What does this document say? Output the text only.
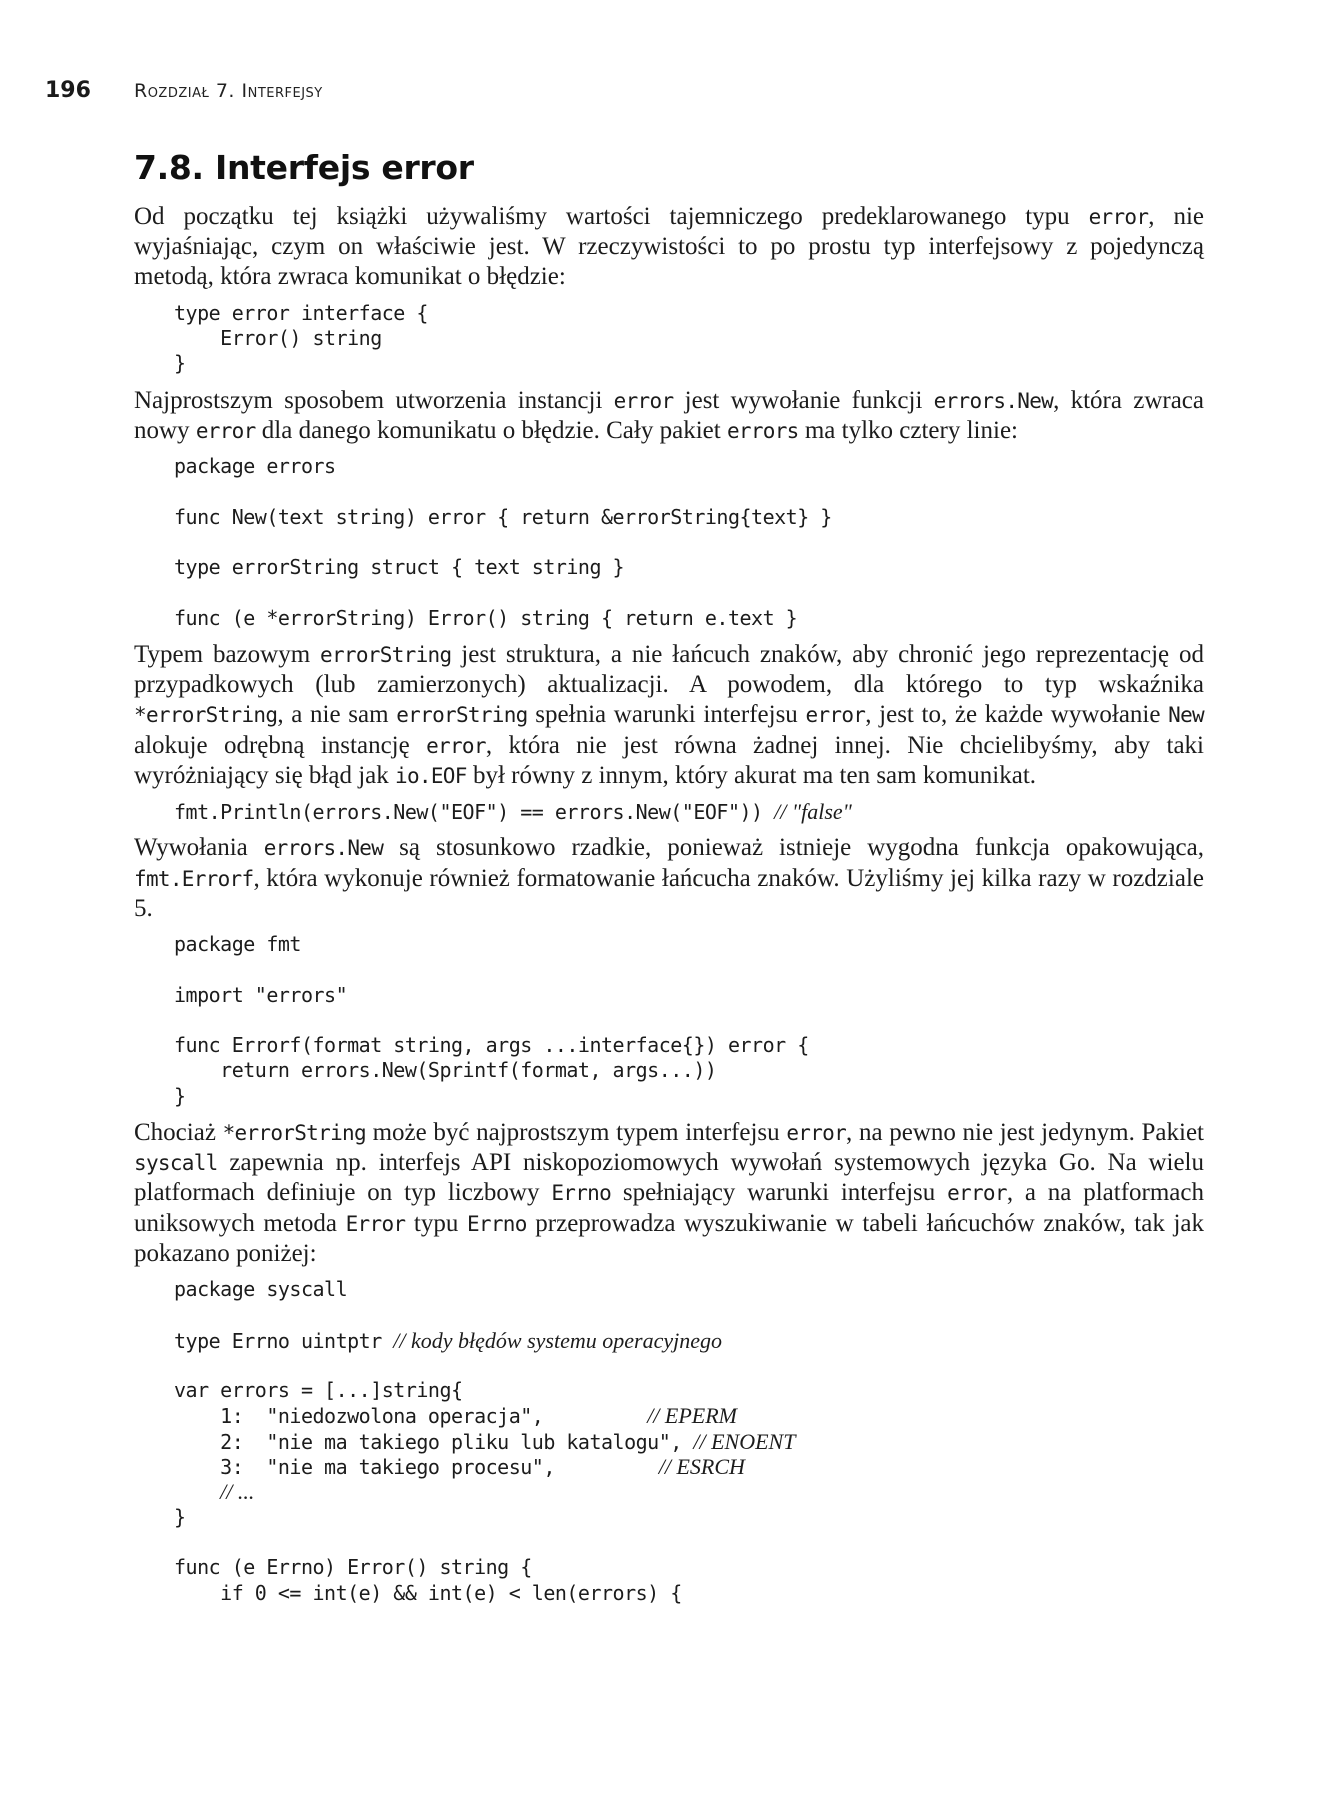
196 Rozdział 7. Interfejsy
7.8. Interfejs error

Od początku tej książki używaliśmy wartości tajemniczego predeklarowanego typu error, nie wyjaśniając, czym on właściwie jest. W rzeczywistości to po prostu typ interfejsowy z pojedynczą metodą, która zwraca komunikat o błędzie:

type error interface {
Error() string
}

Najprostszym sposobem utworzenia instancji error jest wywołanie funkcji errors.New, która zwraca nowy error dla danego komunikatu o błędzie. Cały pakiet errors ma tylko cztery linie:

package errors
func New(text string) error { return &errorString{text} }
type errorString struct { text string }
func (e *errorString) Error() string { return e.text }

Typem bazowym errorString jest struktura, a nie łańcuch znaków, aby chronić jego reprezentację od przypadkowych (lub zamierzonych) aktualizacji. A powodem, dla którego to typ wskaźnika *errorString, a nie sam errorString spełnia warunki interfejsu error, jest to, że każde wywołanie New alokuje odrębną instancję error, która nie jest równa żadnej innej. Nie chcielibyśmy, aby taki wyróżniający się błąd jak io.EOF był równy z innym, który akurat ma ten sam komunikat.

fmt.Println(errors.New("EOF") == errors.New("EOF")) // "false"

Wywołania errors.New są stosunkowo rzadkie, ponieważ istnieje wygodna funkcja opakowująca, fmt.Errorf, która wykonuje również formatowanie łańcucha znaków. Użyliśmy jej kilka razy w rozdziale 5.

package fmt
import "errors"
func Errorf(format string, args ...interface{}) error {
return errors.New(Sprintf(format, args...))
}

Chociaż *errorString może być najprostszym typem interfejsu error, na pewno nie jest jedynym. Pakiet syscall zapewnia np. interfejs API niskopoziomowych wywołań systemowych języka Go. Na wielu platformach definiuje on typ liczbowy Errno spełniający warunki interfejsu error, a na platformach uniksowych metoda Error typu Errno przeprowadza wyszukiwanie w tabeli łańcuchów znaków, tak jak pokazano poniżej:

package syscall
type Errno uintptr // kody błędów systemu operacyjnego
var errors = [...]string{
1:  "niedozwolona operacja",         // EPERM
2:  "nie ma takiego pliku lub katalogu", // ENOENT
3:  "nie ma takiego procesu",         // ESRCH
// ...
}
func (e Errno) Error() string {
if 0 <= int(e) && int(e) < len(errors) {
